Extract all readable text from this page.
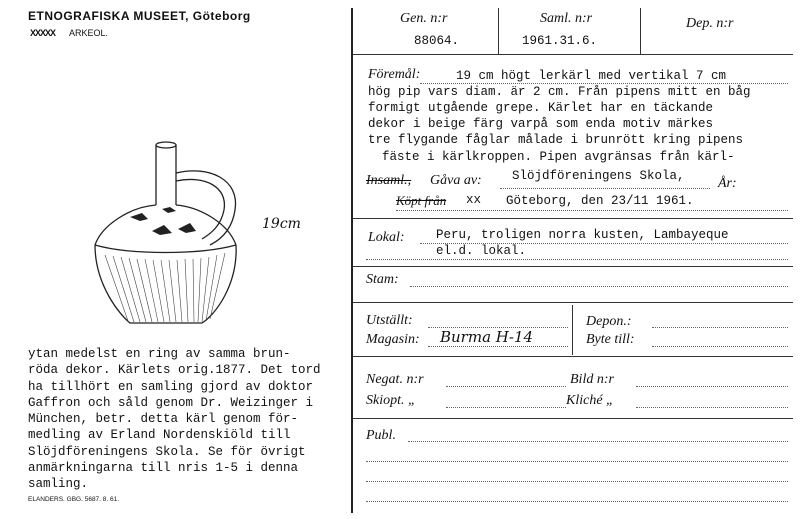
ETNOGRAFISKA MUSEET, Göteborg
XXXXX ARKEOL.
19cm
ytan medelst en ring av samma brun-
röda dekor. Kärlets orig.1877. Det tord
ha tillhört en samling gjord av doktor
Gaffron och såld genom Dr. Weizinger i
München, betr. detta kärl genom för-
medling av Erland Nordenskiöld till
Slöjdföreningens Skola. Se för övrigt
anmärkningarna till nris 1-5 i denna
samling.
ELANDERS. GBG. 5687. 8. 61.
Gen. n:r
88064.
Saml. n:r
1961.31.6.
Dep. n:r
Föremål:	19 cm högt lerkärl med vertikal 7 cm
hög pip vars diam. är 2 cm. Från pipens mitt en båg
formigt utgående grepe. Kärlet har en täckande
dekor i beige färg varpå som enda motiv märkes
tre flygande fåglar målade i brunrött kring pipens
fäste i kärlkroppen. Pipen avgränsas från kärl-
Insaml., Gåva av: Slöjdföreningens Skola, År:
Köpt från xx Göteborg, den 23/11 1961.
Lokal:	Peru, troligen norra kusten, Lambayeque
el.d. lokal.
Stam:
Utställt:	Depon.:
Magasin: Burma H-14	Byte till:
Negat. n:r	Bild n:r
Skiopt. „	Kliché „
Publ.
